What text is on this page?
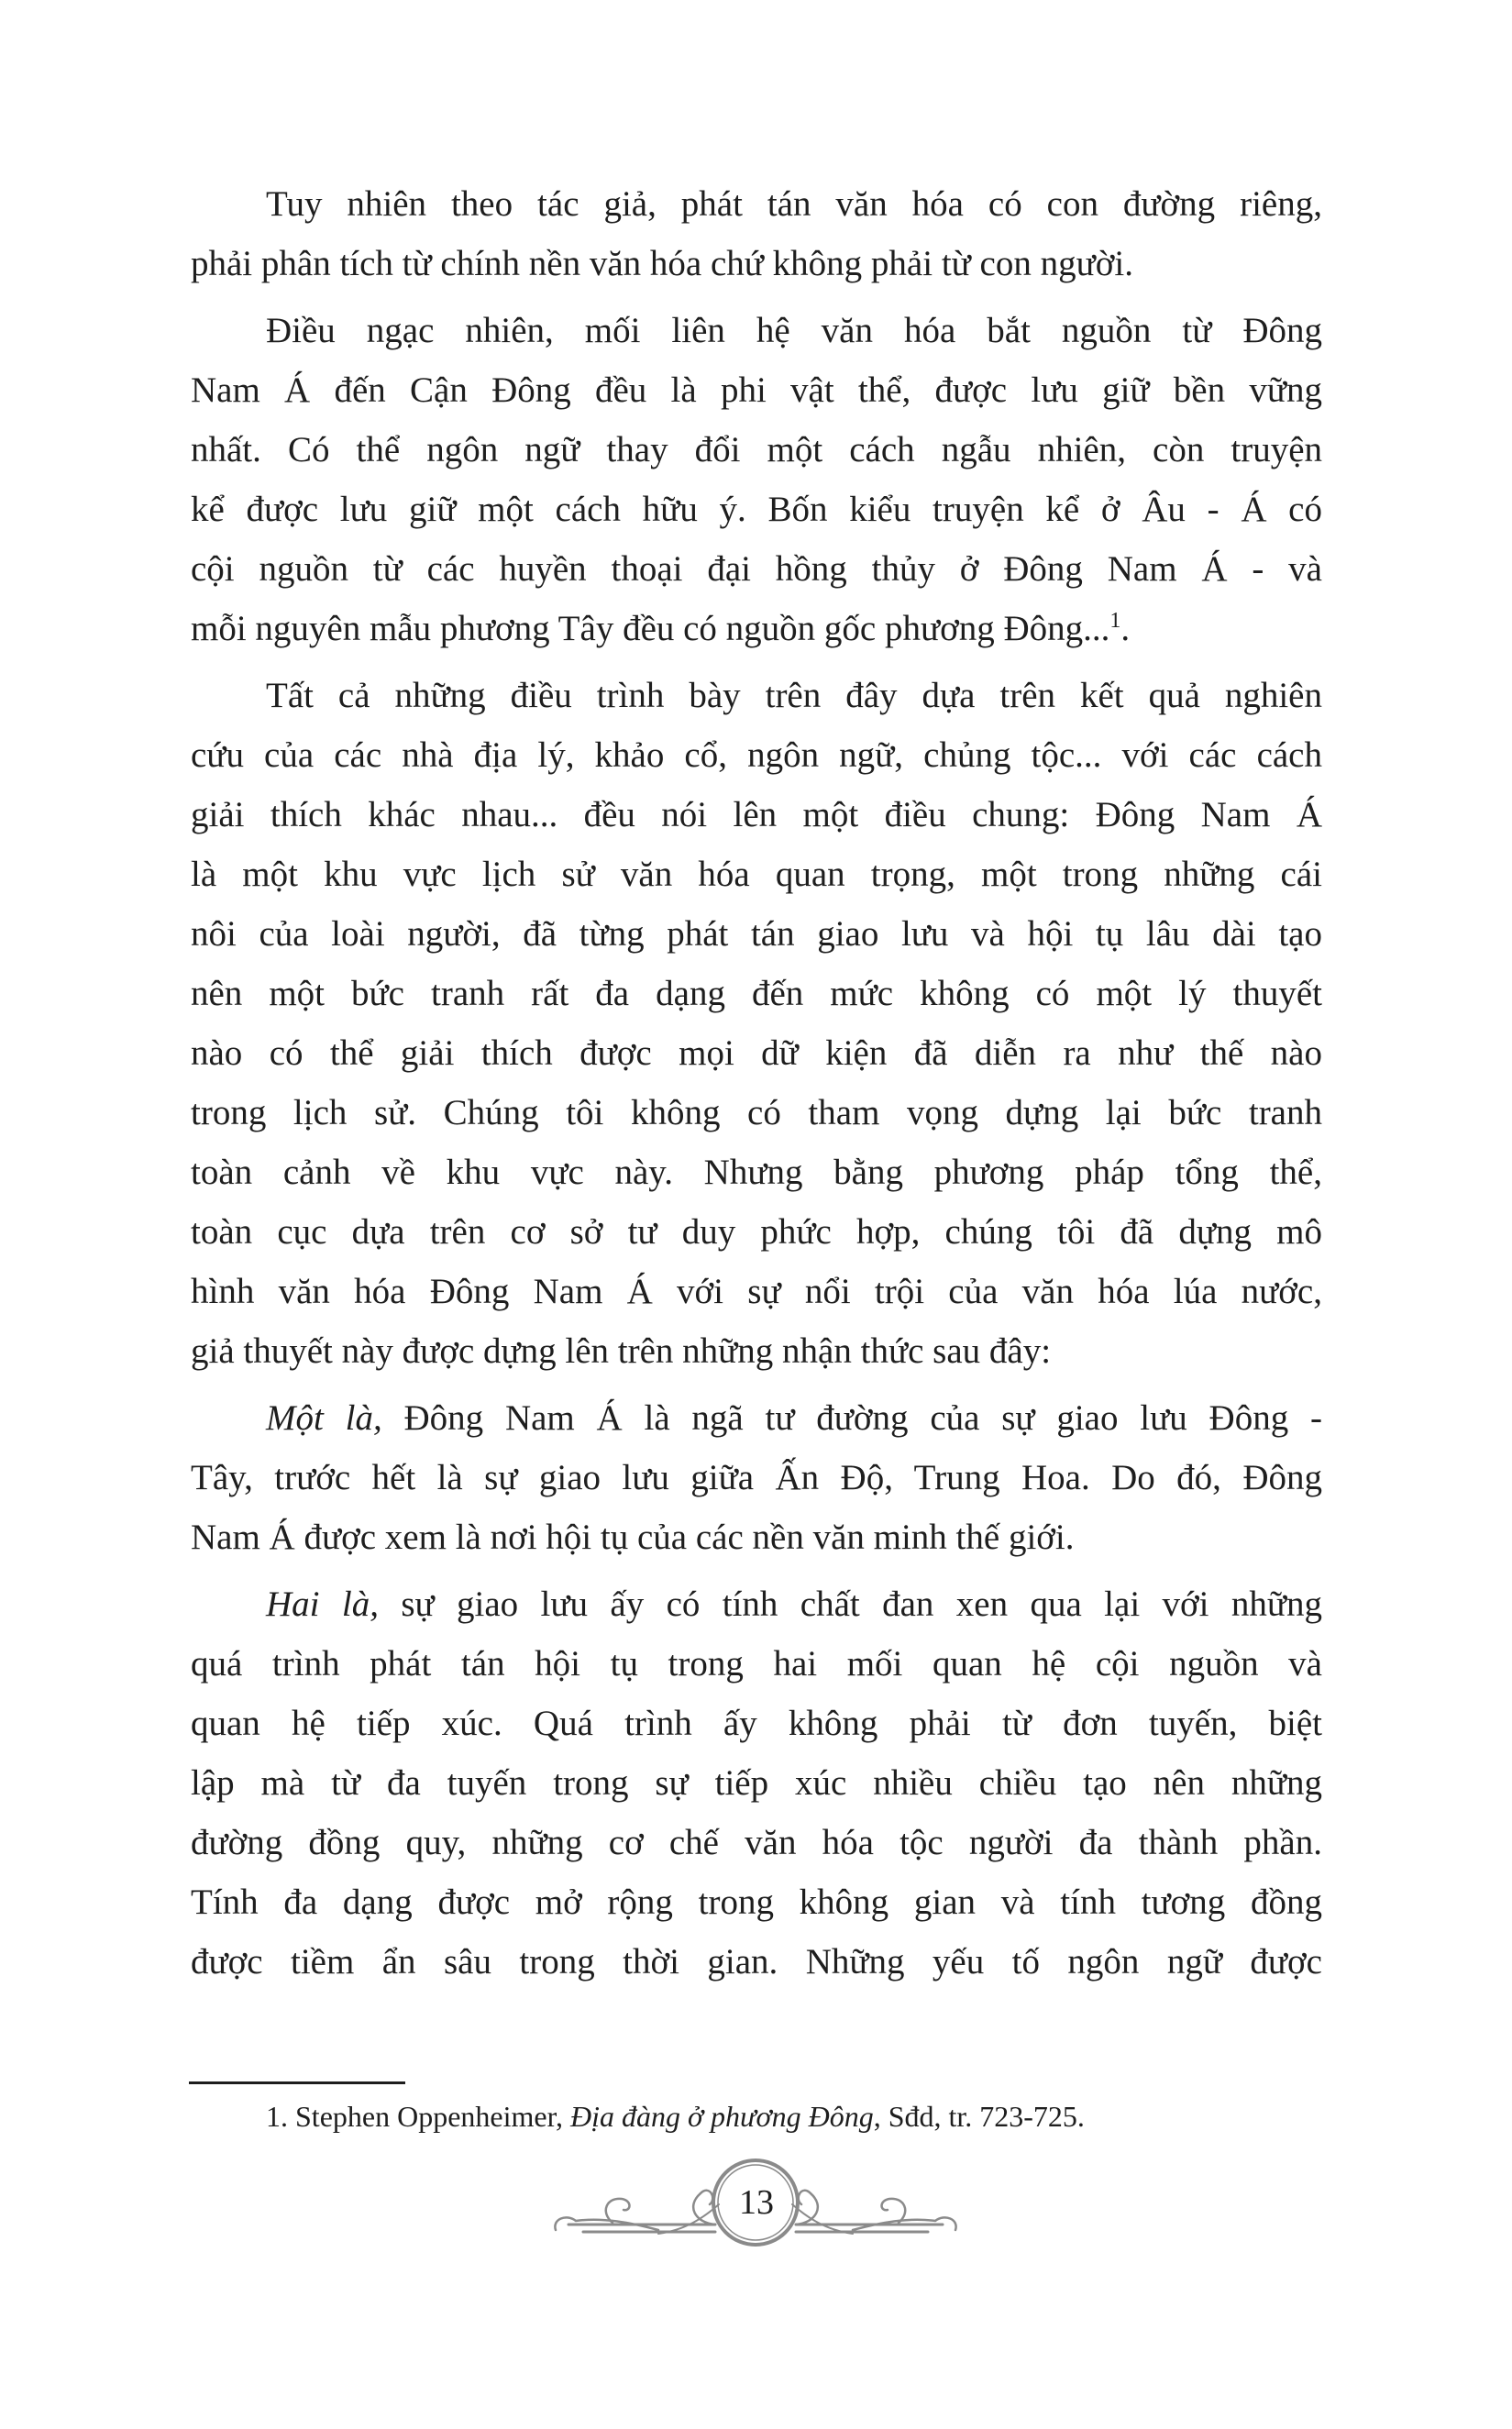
Tuy nhiên theo tác giả, phát tán văn hóa có con đường riêng,
phải phân tích từ chính nền văn hóa chứ không phải từ con người.
Điều ngạc nhiên, mối liên hệ văn hóa bắt nguồn từ Đông
Nam Á đến Cận Đông đều là phi vật thể, được lưu giữ bền vững
nhất. Có thể ngôn ngữ thay đổi một cách ngẫu nhiên, còn truyện
kể được lưu giữ một cách hữu ý. Bốn kiểu truyện kể ở Âu - Á có
cội nguồn từ các huyền thoại đại hồng thủy ở Đông Nam Á - và
mỗi nguyên mẫu phương Tây đều có nguồn gốc phương Đông...$^1$.
Tất cả những điều trình bày trên đây dựa trên kết quả nghiên
cứu của các nhà địa lý, khảo cổ, ngôn ngữ, chủng tộc... với các cách
giải thích khác nhau... đều nói lên một điều chung: Đông Nam Á
là một khu vực lịch sử văn hóa quan trọng, một trong những cái
nôi của loài người, đã từng phát tán giao lưu và hội tụ lâu dài tạo
nên một bức tranh rất đa dạng đến mức không có một lý thuyết
nào có thể giải thích được mọi dữ kiện đã diễn ra như thế nào
trong lịch sử. Chúng tôi không có tham vọng dựng lại bức tranh
toàn cảnh về khu vực này. Nhưng bằng phương pháp tổng thể,
toàn cục dựa trên cơ sở tư duy phức hợp, chúng tôi đã dựng mô
hình văn hóa Đông Nam Á với sự nổi trội của văn hóa lúa nước,
giả thuyết này được dựng lên trên những nhận thức sau đây:
Một là, Đông Nam Á là ngã tư đường của sự giao lưu Đông -
Tây, trước hết là sự giao lưu giữa Ấn Độ, Trung Hoa. Do đó, Đông
Nam Á được xem là nơi hội tụ của các nền văn minh thế giới.
Hai là, sự giao lưu ấy có tính chất đan xen qua lại với những
quá trình phát tán hội tụ trong hai mối quan hệ cội nguồn và
quan hệ tiếp xúc. Quá trình ấy không phải từ đơn tuyến, biệt
lập mà từ đa tuyến trong sự tiếp xúc nhiều chiều tạo nên những
đường đồng quy, những cơ chế văn hóa tộc người đa thành phần.
Tính đa dạng được mở rộng trong không gian và tính tương đồng
được tiềm ẩn sâu trong thời gian. Những yếu tố ngôn ngữ được
1. Stephen Oppenheimer, Địa đàng ở phương Đông, Sđd, tr. 723-725.
13
